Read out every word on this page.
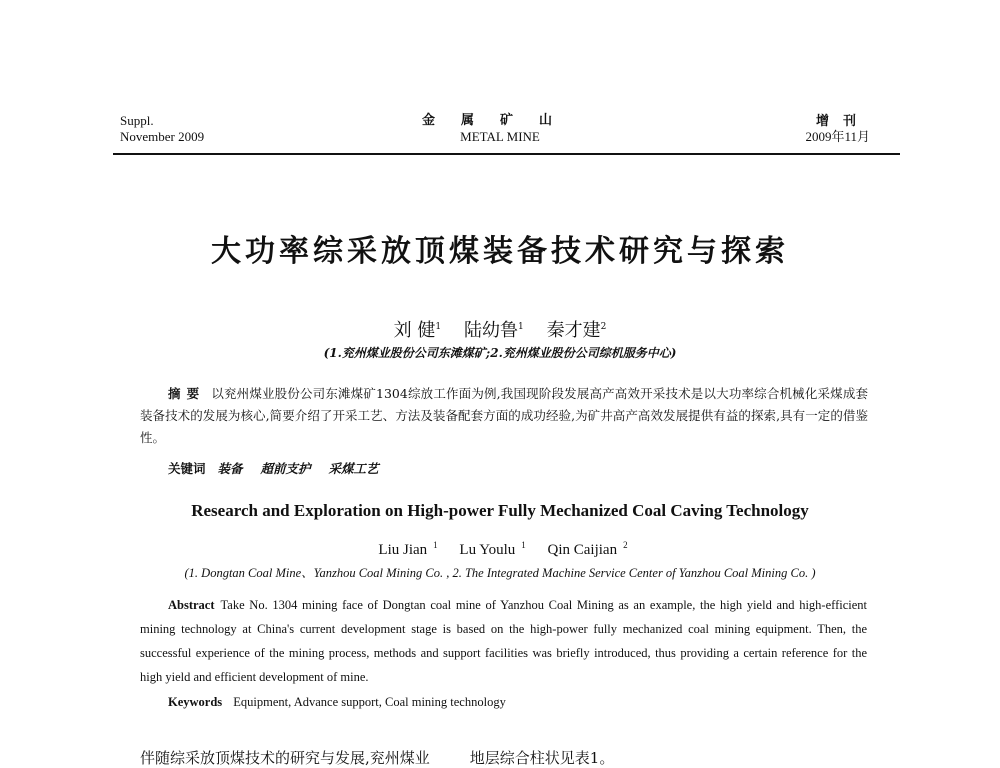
Suppl.
November 2009
金属矿山
METAL MINE
增刊
2009年11月
大功率综采放顶煤装备技术研究与探索
刘 健$^1$ 陆幼鲁$^1$ 秦才建$^2$
(1.兖州煤业股份公司东滩煤矿;2.兖州煤业股份公司综机服务中心)
摘要 以兖州煤业股份公司东滩煤矿1304综放工作面为例,我国现阶段发展高产高效开采技术是以大功率综合机械化采煤成套装备技术的发展为核心,简要介绍了开采工艺、方法及装备配套方面的成功经验,为矿井高产高效发展提供有益的探索,具有一定的借鉴性。
关键词 装备 超前支护 采煤工艺
Research and Exploration on High-power Fully Mechanized Coal Caving Technology
Liu Jian $^1$ Lu Youlu $^1$ Qin Caijian $^2$
(1. Dongtan Coal Mine、Yanzhou Coal Mining Co. , 2. The Integrated Machine Service Center of Yanzhou Coal Mining Co. )
Abstract Take No. 1304 mining face of Dongtan coal mine of Yanzhou Coal Mining as an example, the high yield and high-efficient mining technology at China's current development stage is based on the high-power fully mechanized coal mining equipment. Then, the successful experience of the mining process, methods and support facilities was briefly introduced, thus providing a certain reference for the high yield and efficient development of mine.
Keywords Equipment, Advance support, Coal mining technology
伴随综采放顶煤技术的研究与发展,兖州煤业	地层综合柱状见表1。
